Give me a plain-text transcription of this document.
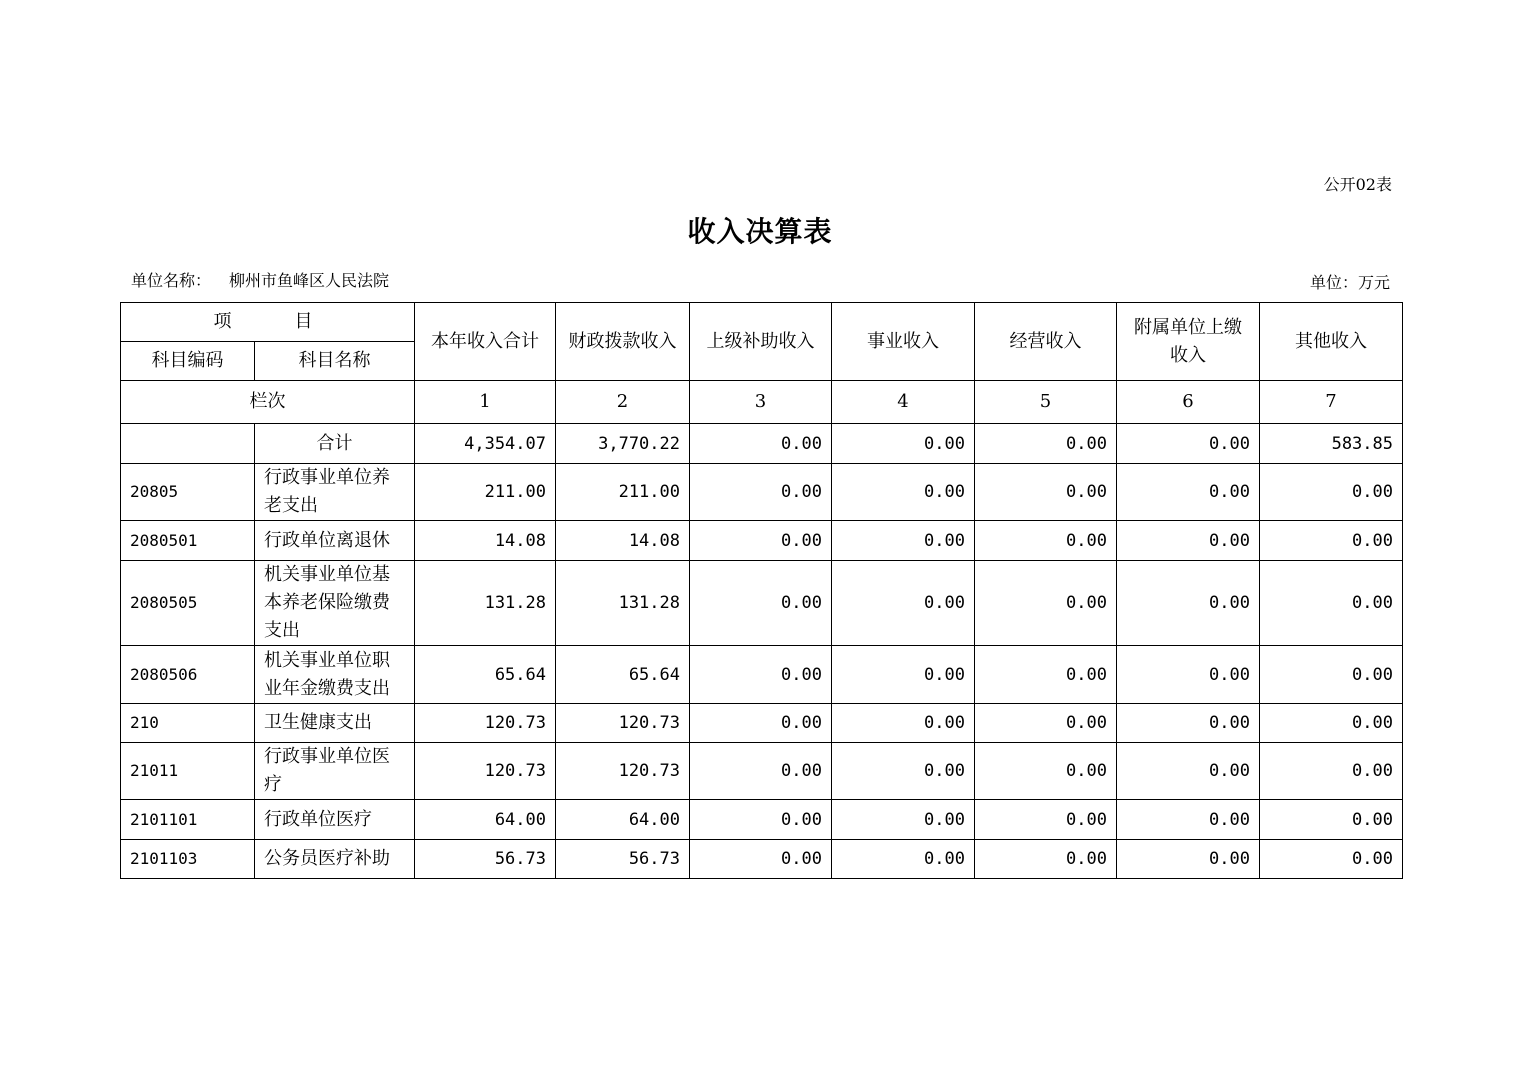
公开02表
收入决算表
单位名称： 柳州市鱼峰区人民法院	单位：万元
项　　目		本年收入合计	财政拨款收入	上级补助收入	事业收入	经营收入	附属单位上缴收入	其他收入
科目编码	科目名称							
栏次		1	2	3	4	5	6	7
	合计	4,354.07	3,770.22	0.00	0.00	0.00	0.00	583.85
20805	行政事业单位养老支出	211.00	211.00	0.00	0.00	0.00	0.00	0.00
2080501	行政单位离退休	14.08	14.08	0.00	0.00	0.00	0.00	0.00
2080505	机关事业单位基本养老保险缴费支出	131.28	131.28	0.00	0.00	0.00	0.00	0.00
2080506	机关事业单位职业年金缴费支出	65.64	65.64	0.00	0.00	0.00	0.00	0.00
210	卫生健康支出	120.73	120.73	0.00	0.00	0.00	0.00	0.00
21011	行政事业单位医疗	120.73	120.73	0.00	0.00	0.00	0.00	0.00
2101101	行政单位医疗	64.00	64.00	0.00	0.00	0.00	0.00	0.00
2101103	公务员医疗补助	56.73	56.73	0.00	0.00	0.00	0.00	0.00
